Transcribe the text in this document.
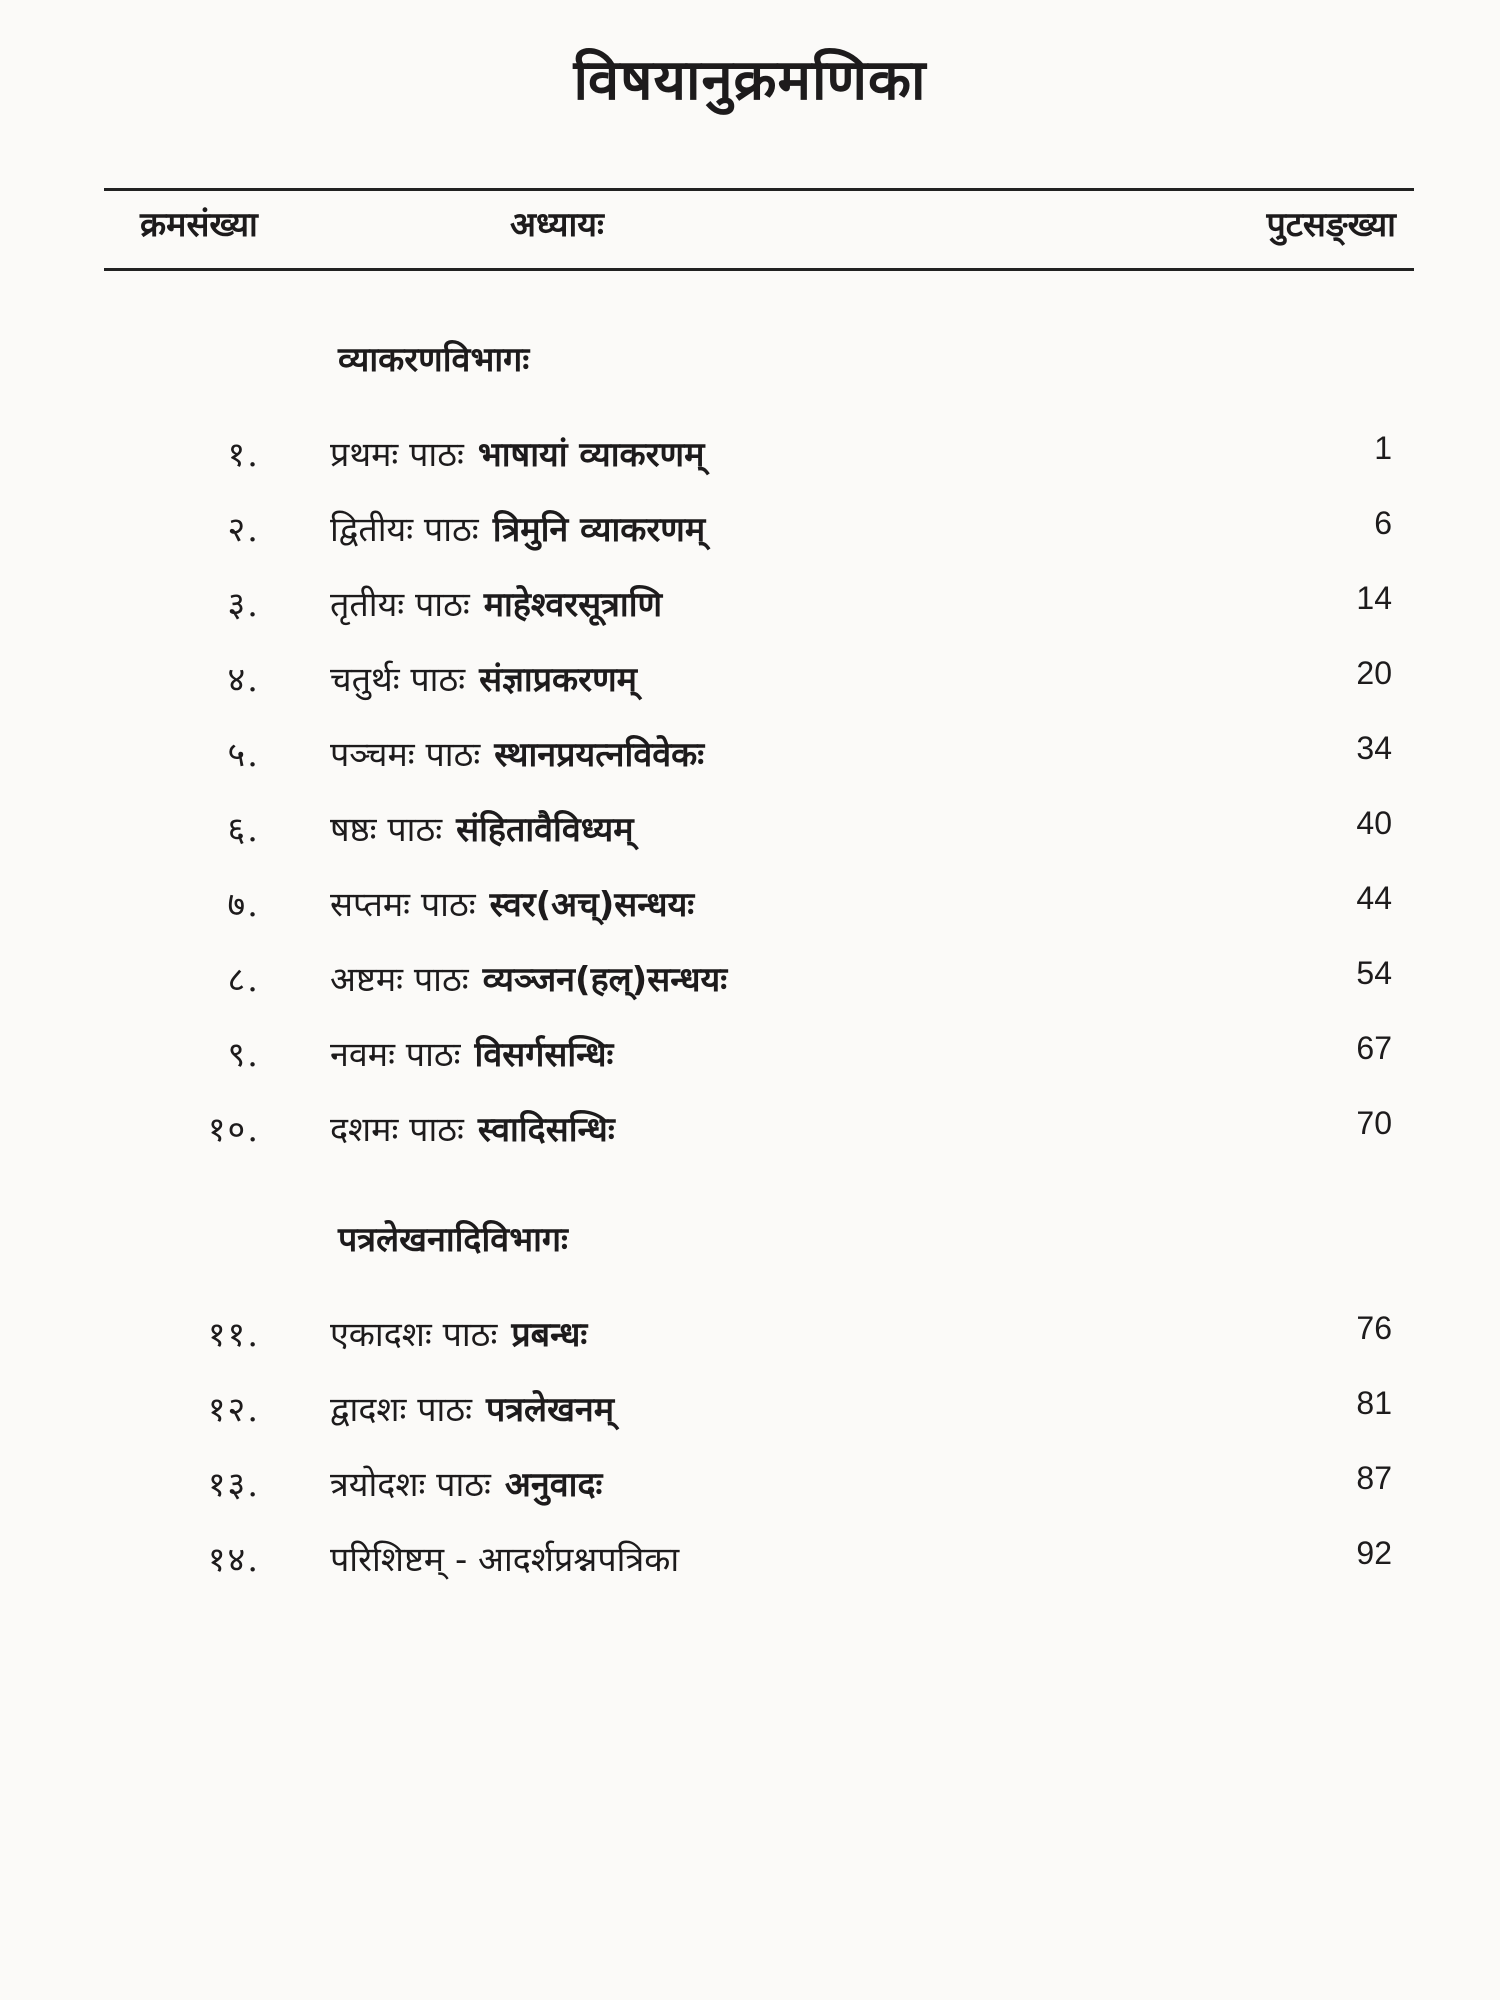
विषयानुक्रमणिका
क्रमसंख्या	अध्यायः	पुटसङ्ख्या
व्याकरणविभागः
१. प्रथमः पाठः भाषायां व्याकरणम्	1
२. द्वितीयः पाठः त्रिमुनि व्याकरणम्	6
३. तृतीयः पाठः माहेश्वरसूत्राणि	14
४. चतुर्थः पाठः संज्ञाप्रकरणम्	20
५. पञ्चमः पाठः स्थानप्रयत्नविवेकः	34
६. षष्ठः पाठः संहितावैविध्यम्	40
७. सप्तमः पाठः स्वर(अच्)सन्धयः	44
८. अष्टमः पाठः व्यञ्जन(हल्)सन्धयः	54
९. नवमः पाठः विसर्गसन्धिः	67
१०. दशमः पाठः स्वादिसन्धिः	70
पत्रलेखनादिविभागः
११. एकादशः पाठः प्रबन्धः	76
१२. द्वादशः पाठः पत्रलेखनम्	81
१३. त्रयोदशः पाठः अनुवादः	87
१४. परिशिष्टम् - आदर्शप्रश्नपत्रिका	92
